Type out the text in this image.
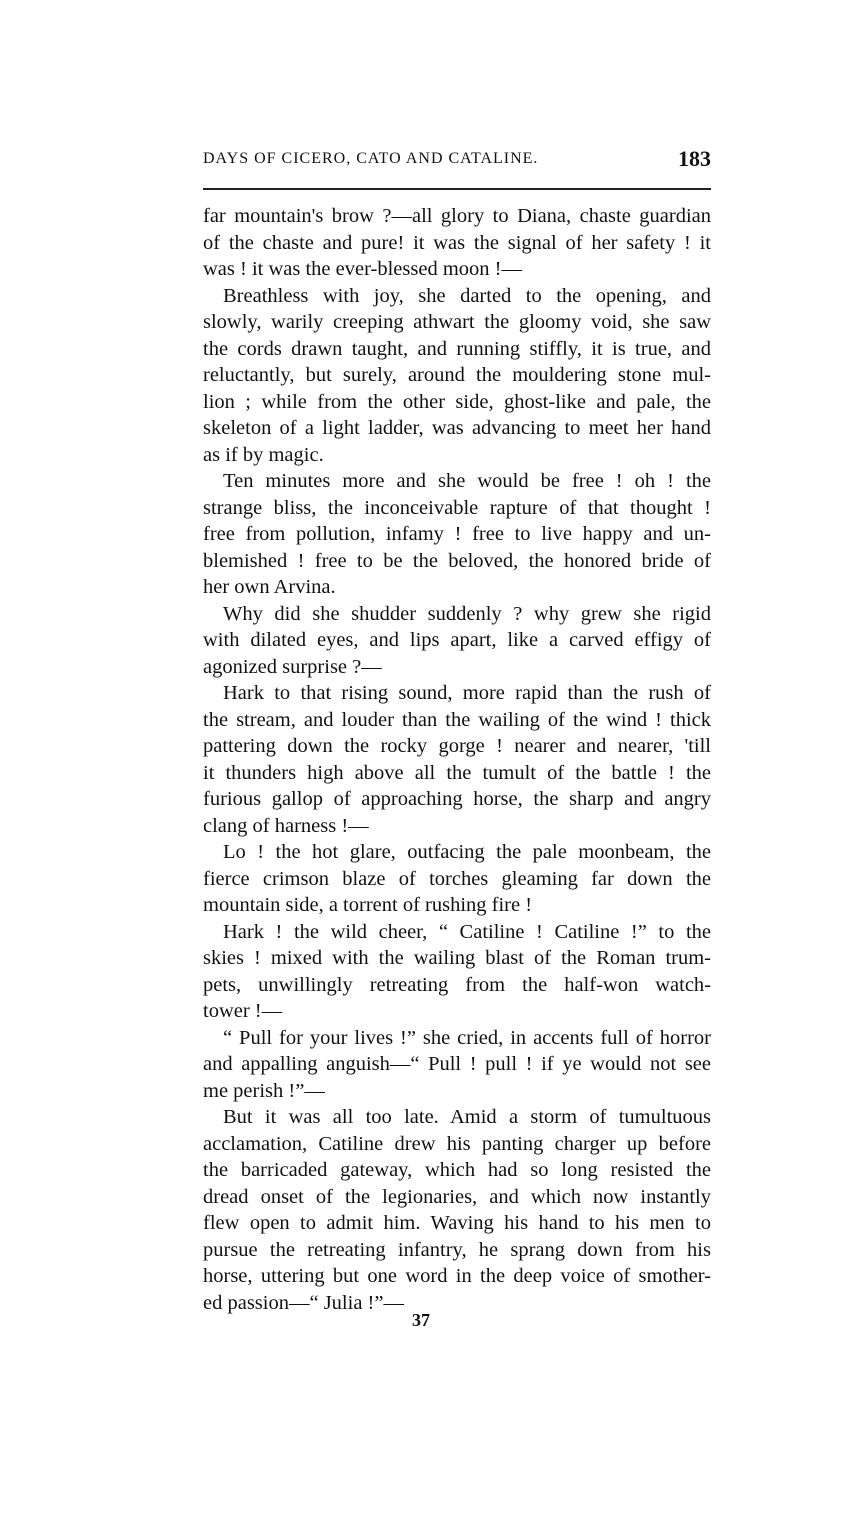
DAYS OF CICERO, CATO AND CATALINE.	183
far mountain's brow ?—all glory to Diana, chaste guardian
of the chaste and pure! it was the signal of her safety ! it
was ! it was the ever-blessed moon !—
Breathless with joy, she darted to the opening, and
slowly, warily creeping athwart the gloomy void, she saw
the cords drawn taught, and running stiffly, it is true, and
reluctantly, but surely, around the mouldering stone mul-
lion ; while from the other side, ghost-like and pale, the
skeleton of a light ladder, was advancing to meet her hand
as if by magic.
Ten minutes more and she would be free ! oh ! the
strange bliss, the inconceivable rapture of that thought !
free from pollution, infamy ! free to live happy and un-
blemished ! free to be the beloved, the honored bride of
her own Arvina.
Why did she shudder suddenly ? why grew she rigid
with dilated eyes, and lips apart, like a carved effigy of
agonized surprise ?—
Hark to that rising sound, more rapid than the rush of
the stream, and louder than the wailing of the wind ! thick
pattering down the rocky gorge ! nearer and nearer, 'till
it thunders high above all the tumult of the battle ! the
furious gallop of approaching horse, the sharp and angry
clang of harness !—
Lo ! the hot glare, outfacing the pale moonbeam, the
fierce crimson blaze of torches gleaming far down the
mountain side, a torrent of rushing fire !
Hark ! the wild cheer, “ Catiline ! Catiline !” to the
skies ! mixed with the wailing blast of the Roman trum-
pets, unwillingly retreating from the half-won watch-
tower !—
“ Pull for your lives !” she cried, in accents full of horror
and appalling anguish—“ Pull ! pull ! if ye would not see
me perish !”—
But it was all too late. Amid a storm of tumultuous
acclamation, Catiline drew his panting charger up before
the barricaded gateway, which had so long resisted the
dread onset of the legionaries, and which now instantly
flew open to admit him. Waving his hand to his men to
pursue the retreating infantry, he sprang down from his
horse, uttering but one word in the deep voice of smother-
ed passion—“ Julia !”—
37
